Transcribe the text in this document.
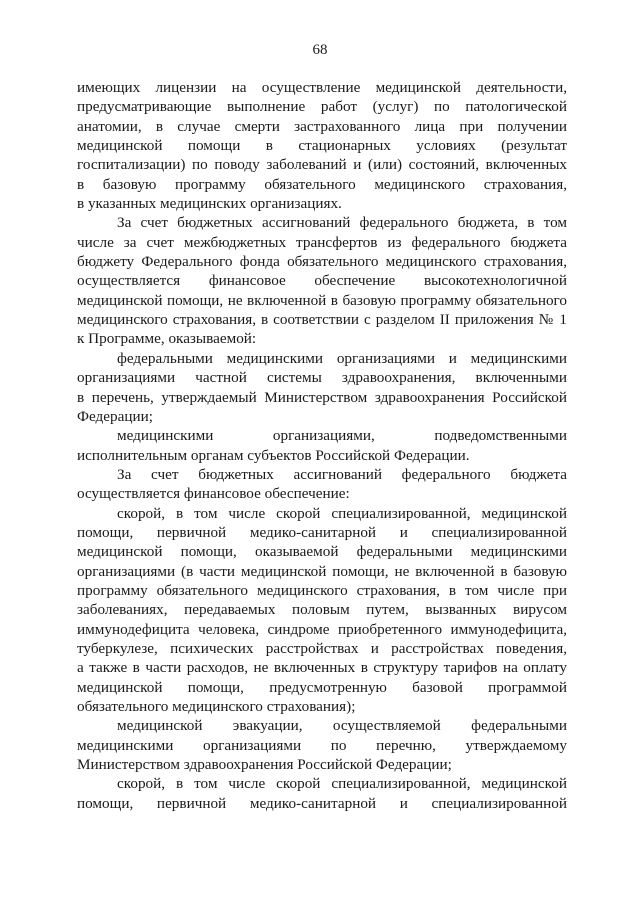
68
имеющих лицензии на осуществление медицинской деятельности,
предусматривающие выполнение работ (услуг) по патологической
анатомии, в случае смерти застрахованного лица при получении
медицинской помощи в стационарных условиях (результат
госпитализации) по поводу заболеваний и (или) состояний, включенных
в базовую программу обязательного медицинского страхования,
в указанных медицинских организациях.
За счет бюджетных ассигнований федерального бюджета, в том
числе за счет межбюджетных трансфертов из федерального бюджета
бюджету Федерального фонда обязательного медицинского страхования,
осуществляется финансовое обеспечение высокотехнологичной
медицинской помощи, не включенной в базовую программу обязательного
медицинского страхования, в соответствии с разделом II приложения № 1
к Программе, оказываемой:
федеральными медицинскими организациями и медицинскими
организациями частной системы здравоохранения, включенными
в перечень, утверждаемый Министерством здравоохранения Российской
Федерации;
медицинскими организациями, подведомственными
исполнительным органам субъектов Российской Федерации.
За счет бюджетных ассигнований федерального бюджета
осуществляется финансовое обеспечение:
скорой, в том числе скорой специализированной, медицинской
помощи, первичной медико-санитарной и специализированной
медицинской помощи, оказываемой федеральными медицинскими
организациями (в части медицинской помощи, не включенной в базовую
программу обязательного медицинского страхования, в том числе при
заболеваниях, передаваемых половым путем, вызванных вирусом
иммунодефицита человека, синдроме приобретенного иммунодефицита,
туберкулезе, психических расстройствах и расстройствах поведения,
а также в части расходов, не включенных в структуру тарифов на оплату
медицинской помощи, предусмотренную базовой программой
обязательного медицинского страхования);
медицинской эвакуации, осуществляемой федеральными
медицинскими организациями по перечню, утверждаемому
Министерством здравоохранения Российской Федерации;
скорой, в том числе скорой специализированной, медицинской
помощи, первичной медико-санитарной и специализированной
